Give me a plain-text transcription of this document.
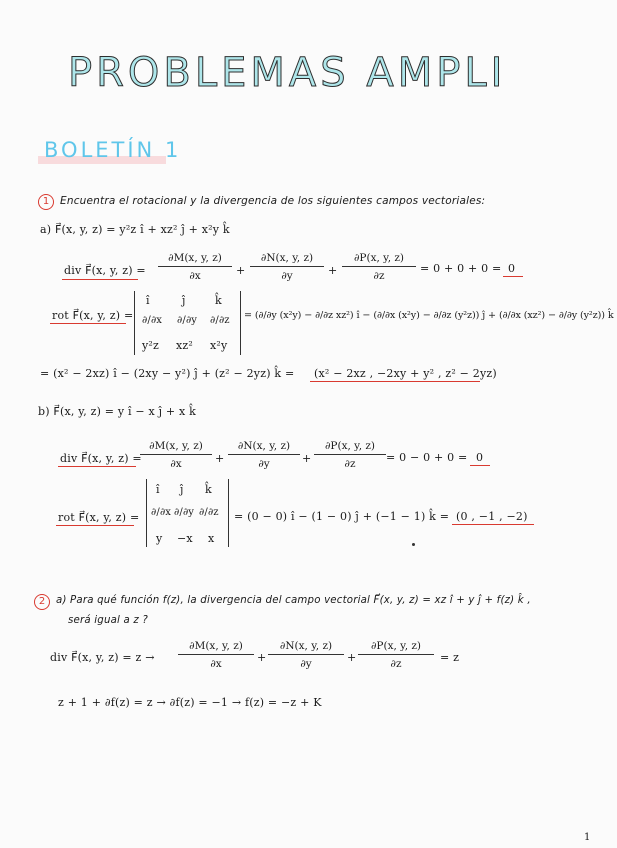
PROBLEMAS AMPLI
BOLETÍN 1
1	Encuentra el rotacional y la divergencia de los siguientes campos vectoriales:
a) F⃗(x, y, z) = y²z î + xz² ĵ + x²y k̂
div F⃗(x, y, $z) = \frac{\partial M(x, y, z)}{\partial x} + \frac{\partial N(x, y, z)}{\partial y} + \frac{\partial P(x, y, z)}{\partial z} = 0 + 0 + 0 = 0$
rot F⃗(x, y, z) =
î	ĵ	k̂
∂/∂x ∂/∂y ∂/∂z
y²z xz² x²y
= (∂/∂y (x²y) − ∂/∂z xz²) î − (∂/∂x (x²y) − ∂/∂z (y²z)) ĵ + (∂/∂x (xz²) − ∂/∂y (y²z)) k̂
= (x² − 2xz) î − (2xy − y²) ĵ + (z² − 2yz) k̂ = (x² − 2xz , −2xy + y² , z² − 2yz)
b) F⃗(x, y, z) = y î − x ĵ + x k̂
div F⃗(x, y, z) =
$\frac{\partial M(x, y, z)}{\partial x} + \frac{\partial N(x, y, z)}{\partial y} + \frac{\partial P(x, y, z)}{\partial z} = 0 - 0 + 0 = 0$
rot F⃗(x, y, z) =
î ĵ k̂
∂/∂x ∂/∂y ∂/∂z
y −x x
= (0 − 0) î − (1 − 0) ĵ + (−1 − 1) k̂ = (0 , −1 , −2)
2	a) Para qué función f(z), la divergencia del campo vectorial F⃗(x, y, z) = xz î + y ĵ + f(z) k̂ ,
será igual a z ?
div F⃗(x, y, $z) = z \to \frac{\partial M(x, y, z)}{\partial x} + \frac{\partial N(x, y, z)}{\partial y} + \frac{\partial P(x, y, z)}{\partial z} = z$
z + 1 + ∂f(z) = z → ∂f(z) = −1 → f(z) = −z + K
1
